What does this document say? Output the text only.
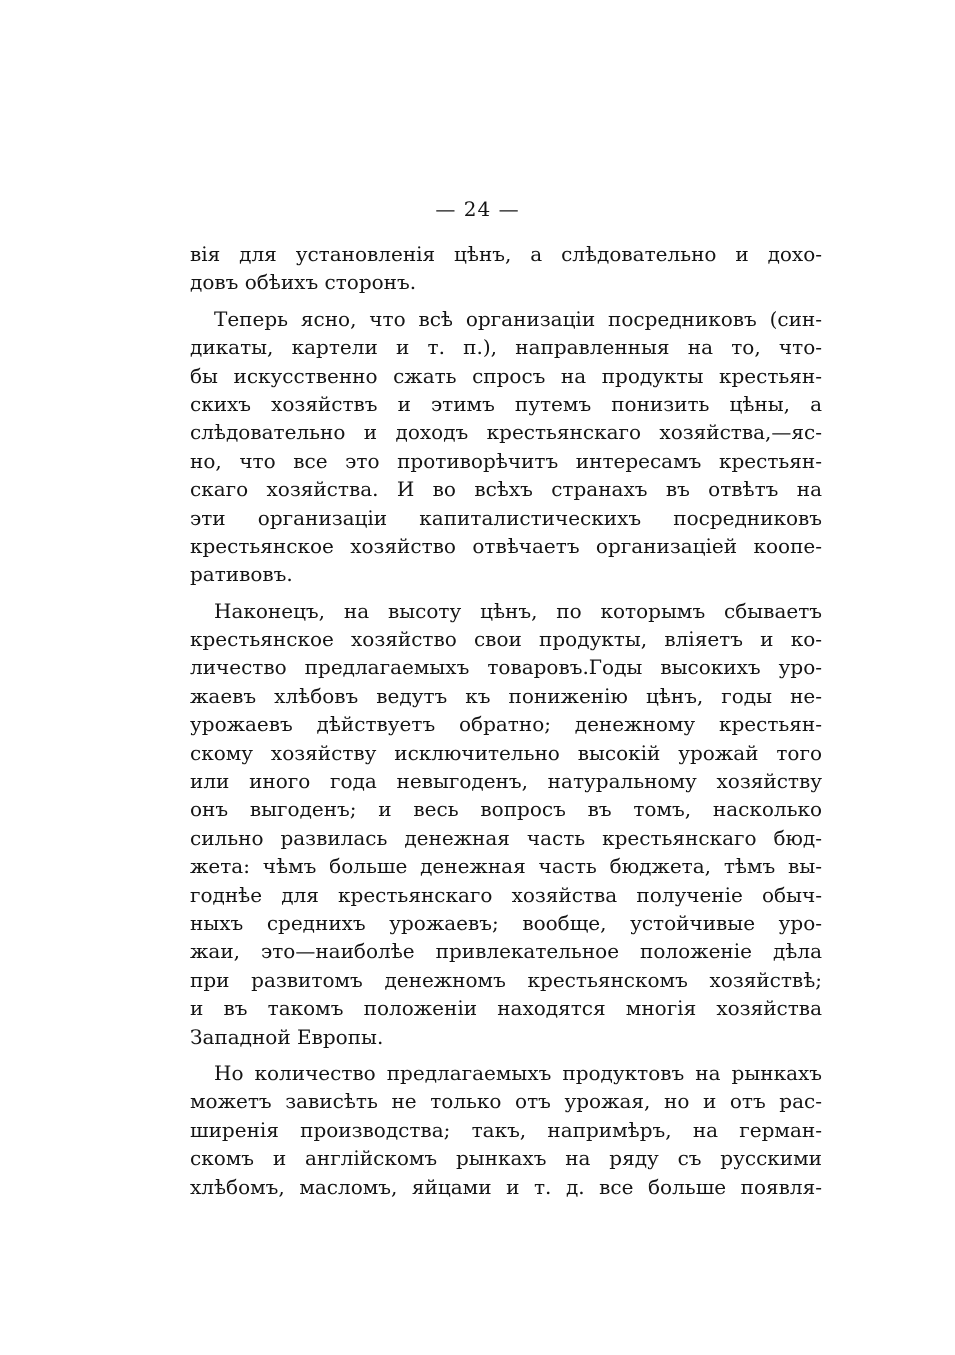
— 24 —

вія для установленія цѣнъ, а слѣдовательно и дохо-
довъ обѣихъ сторонъ.
Теперь ясно, что всѣ организаціи посредниковъ (син-
дикаты, картели и т. п.), направленныя на то, что-
бы искусственно сжать спросъ на продукты крестьян-
скихъ хозяйствъ и этимъ путемъ понизить цѣны, а
слѣдовательно и доходъ крестьянскаго хозяйства,—яс-
но, что все это противорѣчитъ интересамъ крестьян-
скаго хозяйства. И во всѣхъ странахъ въ отвѣтъ на
эти организаціи капиталистическихъ посредниковъ
крестьянское хозяйство отвѣчаетъ организаціей коопе-
ративовъ.
Наконецъ, на высоту цѣнъ, по которымъ сбываетъ
крестьянское хозяйство свои продукты, вліяетъ и ко-
личество предлагаемыхъ товаровъ.Годы высокихъ уро-
жаевъ хлѣбовъ ведутъ къ пониженію цѣнъ, годы не-
урожаевъ дѣйствуетъ обратно; денежному крестьян-
скому хозяйству исключительно высокій урожай того
или иного года невыгоденъ, натуральному хозяйству
онъ выгоденъ; и весь вопросъ въ томъ, насколько
сильно развилась денежная часть крестьянскаго бюд-
жета: чѣмъ больше денежная часть бюджета, тѣмъ вы-
годнѣе для крестьянскаго хозяйства полученіе обыч-
ныхъ среднихъ урожаевъ; вообще, устойчивые уро-
жаи, это—наиболѣе привлекательное положеніе дѣла
при развитомъ денежномъ крестьянскомъ хозяйствѣ;
и въ такомъ положеніи находятся многія хозяйства
Западной Европы.
Но количество предлагаемыхъ продуктовъ на рынкахъ
можетъ зависѣть не только отъ урожая, но и отъ рас-
ширенія производства; такъ, напримѣръ, на герман-
скомъ и англійскомъ рынкахъ на ряду съ русскими
хлѣбомъ, масломъ, яйцами и т. д. все больше появля-
